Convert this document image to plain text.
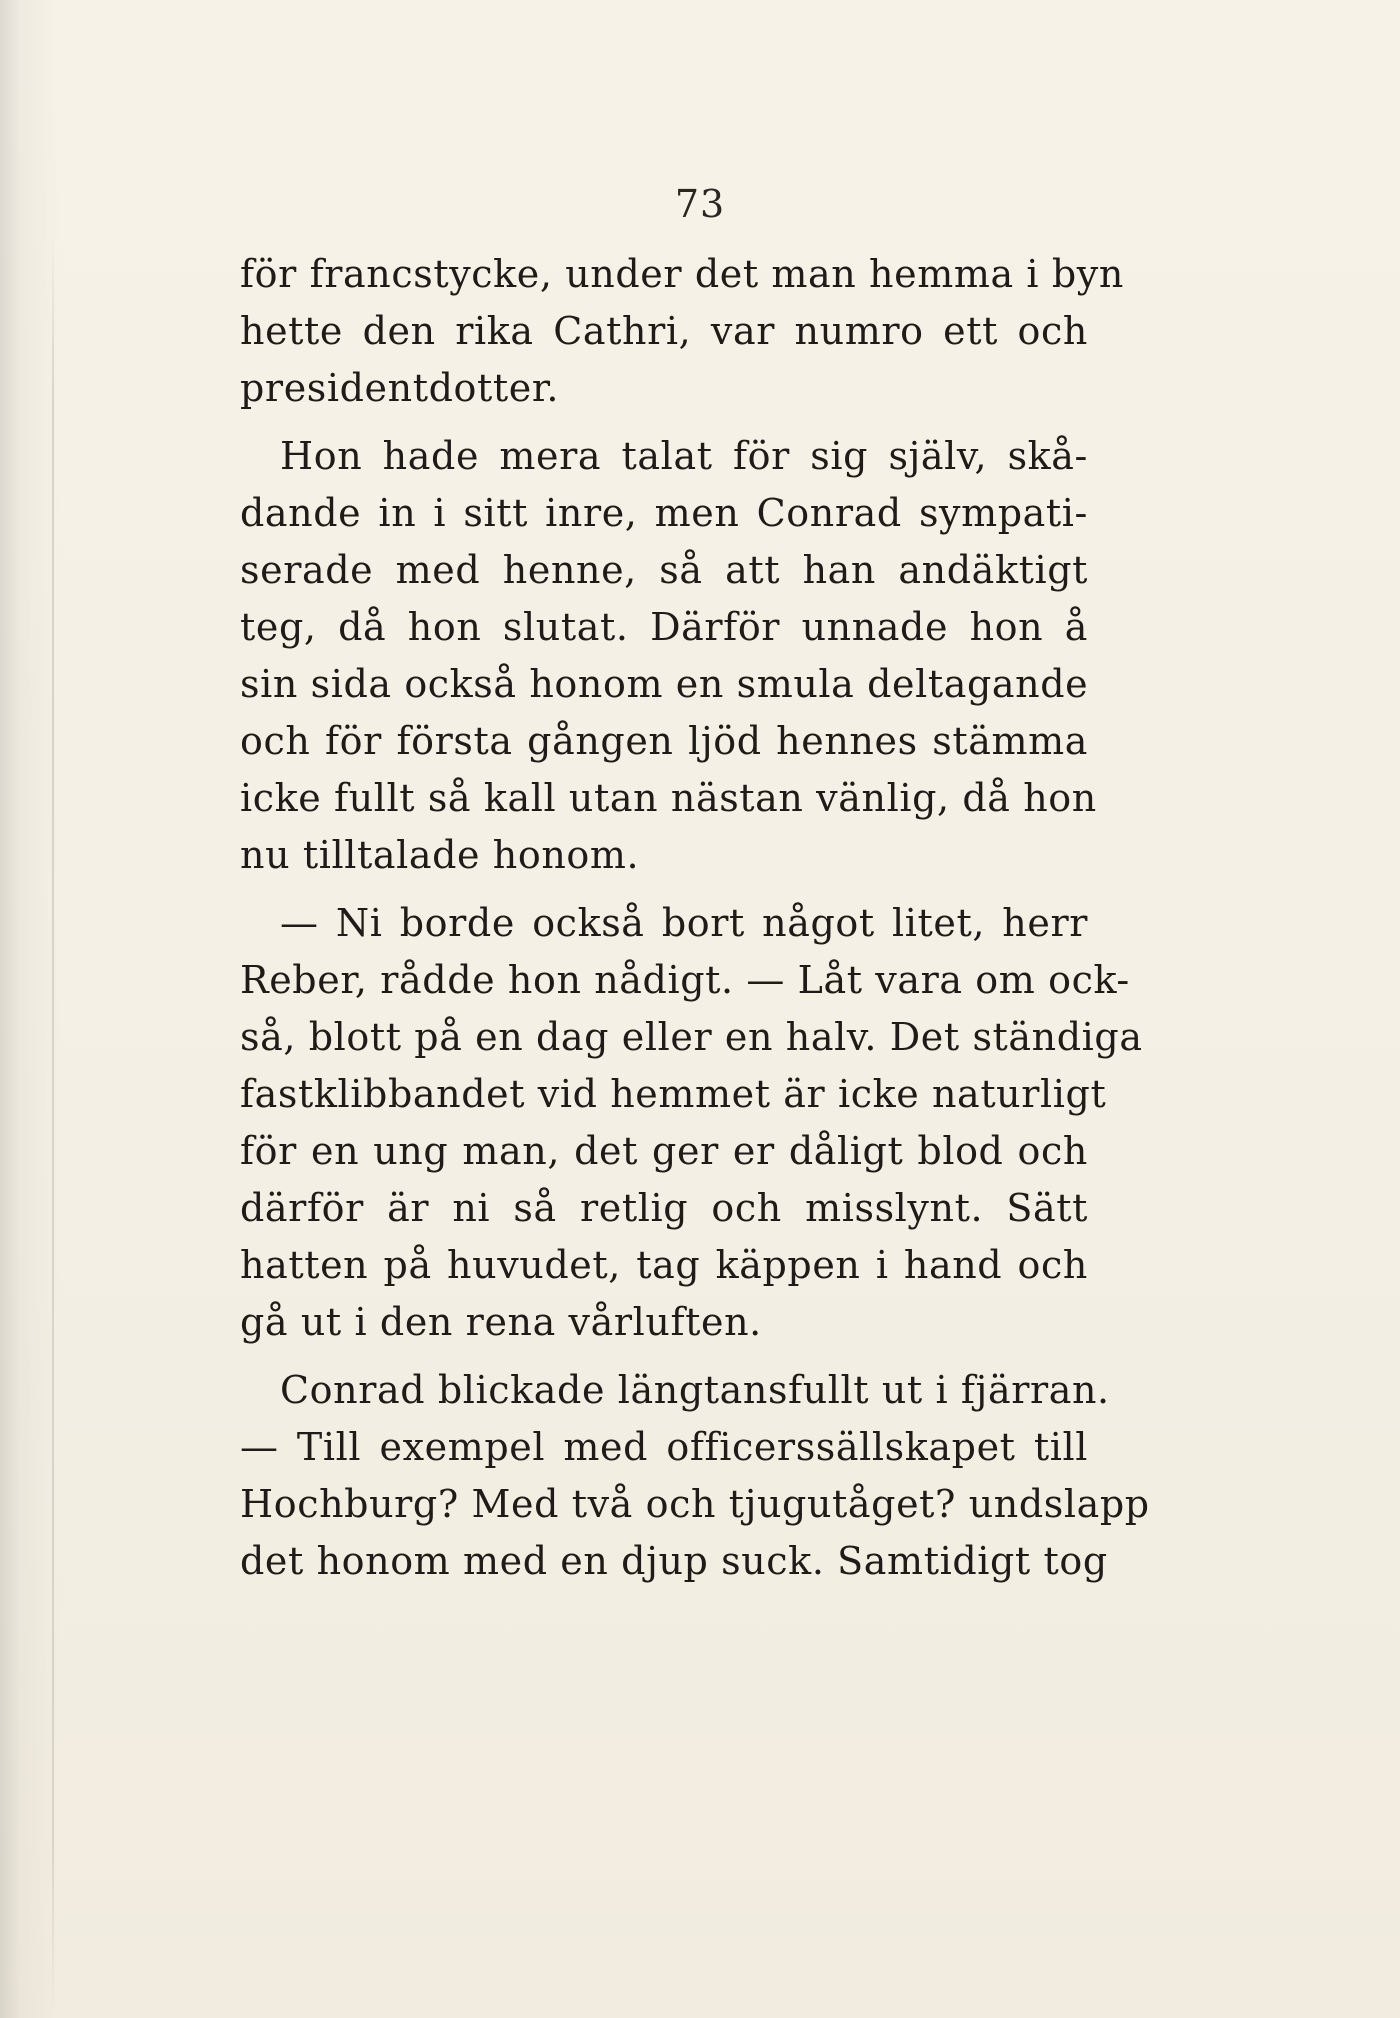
73
för francstycke, under det man hemma i byn
hette den rika Cathri, var numro ett och
presidentdotter.
Hon hade mera talat för sig själv, skå-
dande in i sitt inre, men Conrad sympati-
serade med henne, så att han andäktigt
teg, då hon slutat. Därför unnade hon å
sin sida också honom en smula deltagande
och för första gången ljöd hennes stämma
icke fullt så kall utan nästan vänlig, då hon
nu tilltalade honom.
— Ni borde också bort något litet, herr
Reber, rådde hon nådigt. — Låt vara om ock-
så, blott på en dag eller en halv. Det ständiga
fastklibbandet vid hemmet är icke naturligt
för en ung man, det ger er dåligt blod och
därför är ni så retlig och misslynt. Sätt
hatten på huvudet, tag käppen i hand och
gå ut i den rena vårluften.
Conrad blickade längtansfullt ut i fjärran.
— Till exempel med officerssällskapet till
Hochburg? Med två och tjugutåget? undslapp
det honom med en djup suck. Samtidigt tog
